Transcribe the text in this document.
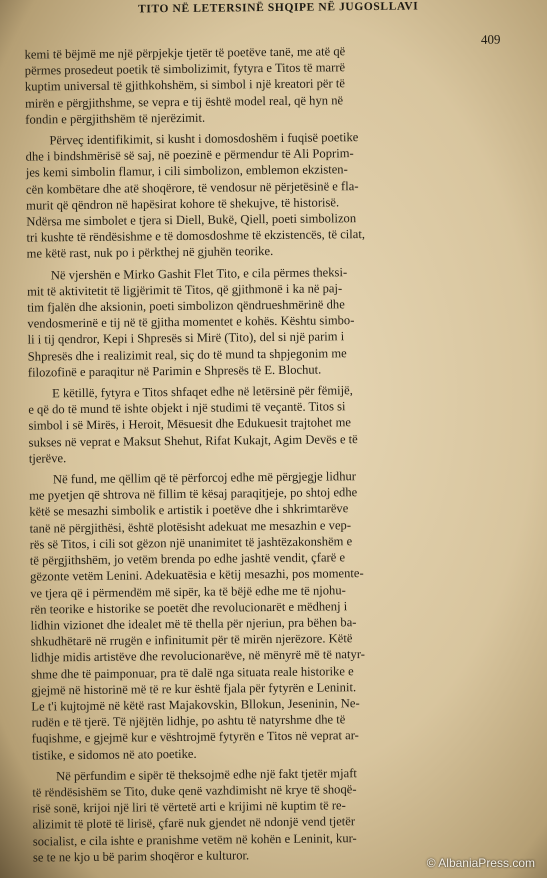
TITO NË LETERSINË SHQIPE NË JUGOSLLAVI
409
kemi të bëjmë me një përpjekje tjetër të poetëve tanë, me atë që
përmes prosedeut poetik të simbolizimit, fytyra e Titos të marrë
kuptim universal të gjithkohshëm, si simbol i një kreatori për të
mirën e përgjithshme, se vepra e tij është model real, që hyn në
fondin e përgjithshëm të njerëzimit.
Përveç identifikimit, si kusht i domosdoshëm i fuqisë poetike
dhe i bindshmërisë së saj, në poezinë e përmendur të Ali Poprim-
jes kemi simbolin flamur, i cili simbolizon, emblemon ekzisten-
cën kombëtare dhe atë shoqërore, të vendosur në përjetësinë e fla-
murit që qëndron në hapësirat kohore të shekujve, të historisë.
Ndërsa me simbolet e tjera si Diell, Bukë, Qiell, poeti simbolizon
tri kushte të rëndësishme e të domosdoshme të ekzistencës, të cilat,
me këtë rast, nuk po i përkthej në gjuhën teorike.
Në vjershën e Mirko Gashit Flet Tito, e cila përmes theksi-
mit të aktivitetit të ligjërimit të Titos, që gjithmonë i ka në paj-
tim fjalën dhe aksionin, poeti simbolizon qëndrueshmërinë dhe
vendosmerinë e tij në të gjitha momentet e kohës. Kështu simbo-
li i tij qendror, Kepi i Shpresës si Mirë (Tito), del si një parim i
Shpresës dhe i realizimit real, siç do të mund ta shpjegonim me
filozofinë e paraqitur në Parimin e Shpresës të E. Blochut.
E këtillë, fytyra e Titos shfaqet edhe në letërsinë për fëmijë,
e që do të mund të ishte objekt i një studimi të veçantë. Titos si
simbol i së Mirës, i Heroit, Mësuesit dhe Edukuesit trajtohet me
sukses në veprat e Maksut Shehut, Rifat Kukajt, Agim Devës e të
tjerëve.
Në fund, me qëllim që të përforcoj edhe më përgjegje lidhur
me pyetjen që shtrova në fillim të kësaj paraqitjeje, po shtoj edhe
këtë se mesazhi simbolik e artistik i poetëve dhe i shkrimtarëve
tanë në përgjithësi, është plotësisht adekuat me mesazhin e vep-
rës së Titos, i cili sot gëzon një unanimitet të jashtëzakonshëm e
të përgjithshëm, jo vetëm brenda po edhe jashtë vendit, çfarë e
gëzonte vetëm Lenini. Adekuatësia e këtij mesazhi, pos momente-
ve tjera që i përmendëm më sipër, ka të bëjë edhe me të njohu-
rën teorike e historike se poetët dhe revolucionarët e mëdhenj i
lidhin vizionet dhe idealet më të thella për njeriun, pra bëhen ba-
shkudhëtarë në rrugën e infinitumit për të mirën njerëzore. Këtë
lidhje midis artistëve dhe revolucionarëve, në mënyrë më të natyr-
shme dhe të paimponuar, pra të dalë nga situata reale historike e
gjejmë në historinë më të re kur është fjala për fytyrën e Leninit.
Le t'i kujtojmë në këtë rast Majakovskin, Bllokun, Jeseninin, Ne-
rudën e të tjerë. Të njëjtën lidhje, po ashtu të natyrshme dhe të
fuqishme, e gjejmë kur e vështrojmë fytyrën e Titos në veprat ar-
tistike, e sidomos në ato poetike.
Në përfundim e sipër të theksojmë edhe një fakt tjetër mjaft
të rëndësishëm se Tito, duke qenë vazhdimisht në krye të shoqë-
risë sonë, krijoi një liri të vërtetë arti e krijimi në kuptim të re-
alizimit të plotë të lirisë, çfarë nuk gjendet në ndonjë vend tjetër
socialist, e cila ishte e pranishme vetëm në kohën e Leninit, kur-
se te ne kjo u bë parim shoqëror e kulturor.	© AlbaniaPress.com
